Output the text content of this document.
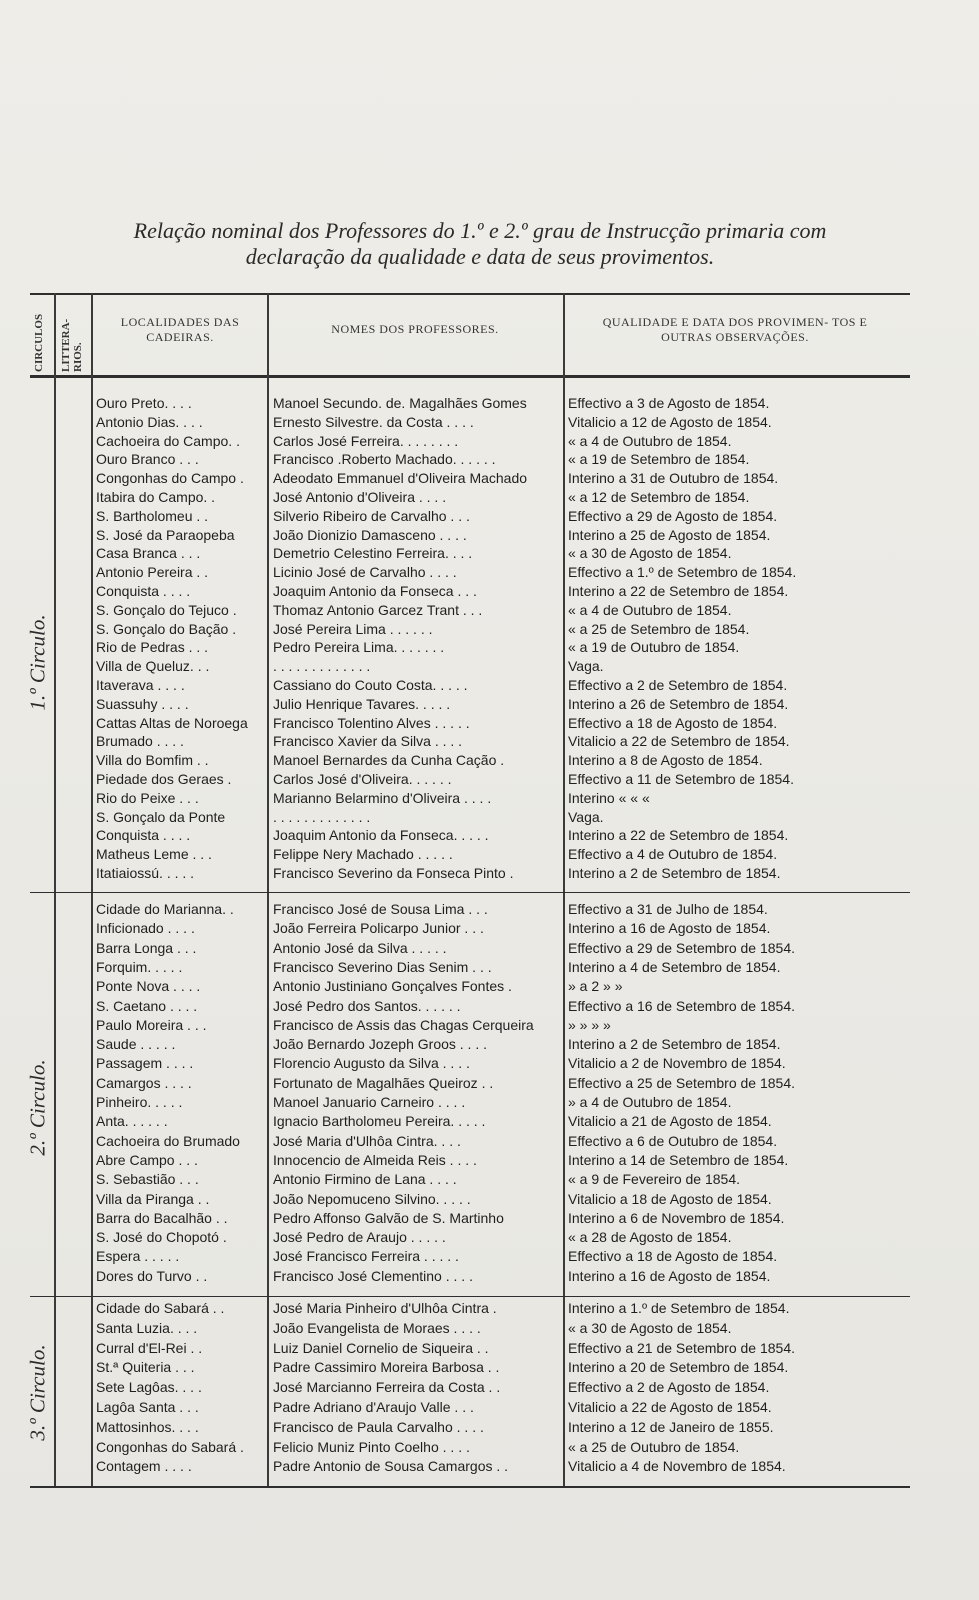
Relação nominal dos Professores do 1.º e 2.º grau de Instrucção primaria com
declaração da qualidade e data de seus provimentos.
CIRCULOS LITTERA- RIOS.
LOCALIDADES DAS CADEIRAS.
NOMES DOS PROFESSORES.	QUALIDADE E DATA DOS PROVIMEN- TOS E OUTRAS OBSERVAÇÕES.
1.º Circulo.
2.º Circulo.
3.º Circulo.
Ouro Preto. . . .	Manoel Secundo. de. Magalhães Gomes	Effectivo a 3 de Agosto de 1854.
Antonio Dias. . . .	Ernesto Silvestre. da Costa . . . .	Vitalicio a 12 de Agosto de 1854.
Cachoeira do Campo. .	Carlos José Ferreira. . . . . . . .	« a 4 de Outubro de 1854.
Ouro Branco . . .	Francisco .Roberto Machado. . . . . .	« a 19 de Setembro de 1854.
Congonhas do Campo .	Adeodato Emmanuel d'Oliveira Machado	Interino a 31 de Outubro de 1854.
Itabira do Campo. .	José Antonio d'Oliveira . . . .	« a 12 de Setembro de 1854.
S. Bartholomeu . .	Silverio Ribeiro de Carvalho . . .	Effectivo a 29 de Agosto de 1854.
S. José da Paraopeba	João Dionizio Damasceno . . . .	Interino a 25 de Agosto de 1854.
Casa Branca . . .	Demetrio Celestino Ferreira. . . .	« a 30 de Agosto de 1854.
Antonio Pereira . .	Licinio José de Carvalho . . . .	Effectivo a 1.º de Setembro de 1854.
Conquista . . . .	Joaquim Antonio da Fonseca . . .	Interino a 22 de Setembro de 1854.
S. Gonçalo do Tejuco .	Thomaz Antonio Garcez Trant . . .	« a 4 de Outubro de 1854.
S. Gonçalo do Bação .	José Pereira Lima . . . . . .	« a 25 de Setembro de 1854.
Rio de Pedras . . .	Pedro Pereira Lima. . . . . . .	« a 19 de Outubro de 1854.
Villa de Queluz. . .	. . . . . . . . . . . . .	Vaga.
Itaverava . . . .	Cassiano do Couto Costa. . . . .	Effectivo a 2 de Setembro de 1854.
Suassuhy . . . .	Julio Henrique Tavares. . . . .	Interino a 26 de Setembro de 1854.
Cattas Altas de Noroega	Francisco Tolentino Alves . . . . .	Effectivo a 18 de Agosto de 1854.
Brumado . . . .	Francisco Xavier da Silva . . . .	Vitalicio a 22 de Setembro de 1854.
Villa do Bomfim . .	Manoel Bernardes da Cunha Cação .	Interino a 8 de Agosto de 1854.
Piedade dos Geraes .	Carlos José d'Oliveira. . . . . .	Effectivo a 11 de Setembro de 1854.
Rio do Peixe . . .	Marianno Belarmino d'Oliveira . . . .	Interino « « «
S. Gonçalo da Ponte	. . . . . . . . . . . . .	Vaga.
Conquista . . . .	Joaquim Antonio da Fonseca. . . . .	Interino a 22 de Setembro de 1854.
Matheus Leme . . .	Felippe Nery Machado . . . . .	Effectivo a 4 de Outubro de 1854.
Itatiaiossú. . . . .	Francisco Severino da Fonseca Pinto .	Interino a 2 de Setembro de 1854.
Cidade do Marianna. .	Francisco José de Sousa Lima . . .	Effectivo a 31 de Julho de 1854.
Inficionado . . . .	João Ferreira Policarpo Junior . . .	Interino a 16 de Agosto de 1854.
Barra Longa . . .	Antonio José da Silva . . . . .	Effectivo a 29 de Setembro de 1854.
Forquim. . . . .	Francisco Severino Dias Senim . . .	Interino a 4 de Setembro de 1854.
Ponte Nova . . . .	Antonio Justiniano Gonçalves Fontes .	» a 2 » »
S. Caetano . . . .	José Pedro dos Santos. . . . . .	Effectivo a 16 de Setembro de 1854.
Paulo Moreira . . .	Francisco de Assis das Chagas Cerqueira	» » » »
Saude . . . . .	João Bernardo Jozeph Groos . . . .	Interino a 2 de Setembro de 1854.
Passagem . . . .	Florencio Augusto da Silva . . . .	Vitalicio a 2 de Novembro de 1854.
Camargos . . . .	Fortunato de Magalhães Queiroz . .	Effectivo a 25 de Setembro de 1854.
Pinheiro. . . . .	Manoel Januario Carneiro . . . .	» a 4 de Outubro de 1854.
Anta. . . . . .	Ignacio Bartholomeu Pereira. . . . .	Vitalicio a 21 de Agosto de 1854.
Cachoeira do Brumado	José Maria d'Ulhôa Cintra. . . .	Effectivo a 6 de Outubro de 1854.
Abre Campo . . .	Innocencio de Almeida Reis . . . .	Interino a 14 de Setembro de 1854.
S. Sebastião . . .	Antonio Firmino de Lana . . . .	« a 9 de Fevereiro de 1854.
Villa da Piranga . .	João Nepomuceno Silvino. . . . .	Vitalicio a 18 de Agosto de 1854.
Barra do Bacalhão . .	Pedro Affonso Galvão de S. Martinho	Interino a 6 de Novembro de 1854.
S. José do Chopotó .	José Pedro de Araujo . . . . .	« a 28 de Agosto de 1854.
Espera . . . . .	José Francisco Ferreira . . . . .	Effectivo a 18 de Agosto de 1854.
Dores do Turvo . .	Francisco José Clementino . . . .	Interino a 16 de Agosto de 1854.
Cidade do Sabará . .	José Maria Pinheiro d'Ulhôa Cintra .	Interino a 1.º de Setembro de 1854.
Santa Luzia. . . .	João Evangelista de Moraes . . . .	« a 30 de Agosto de 1854.
Curral d'El-Rei . .	Luiz Daniel Cornelio de Siqueira . .	Effectivo a 21 de Setembro de 1854.
St.ª Quiteria . . .	Padre Cassimiro Moreira Barbosa . .	Interino a 20 de Setembro de 1854.
Sete Lagôas. . . .	José Marcianno Ferreira da Costa . .	Effectivo a 2 de Agosto de 1854.
Lagôa Santa . . .	Padre Adriano d'Araujo Valle . . .	Vitalicio a 22 de Agosto de 1854.
Mattosinhos. . . .	Francisco de Paula Carvalho . . . .	Interino a 12 de Janeiro de 1855.
Congonhas do Sabará .	Felicio Muniz Pinto Coelho . . . .	« a 25 de Outubro de 1854.
Contagem . . . .	Padre Antonio de Sousa Camargos . .	Vitalicio a 4 de Novembro de 1854.
